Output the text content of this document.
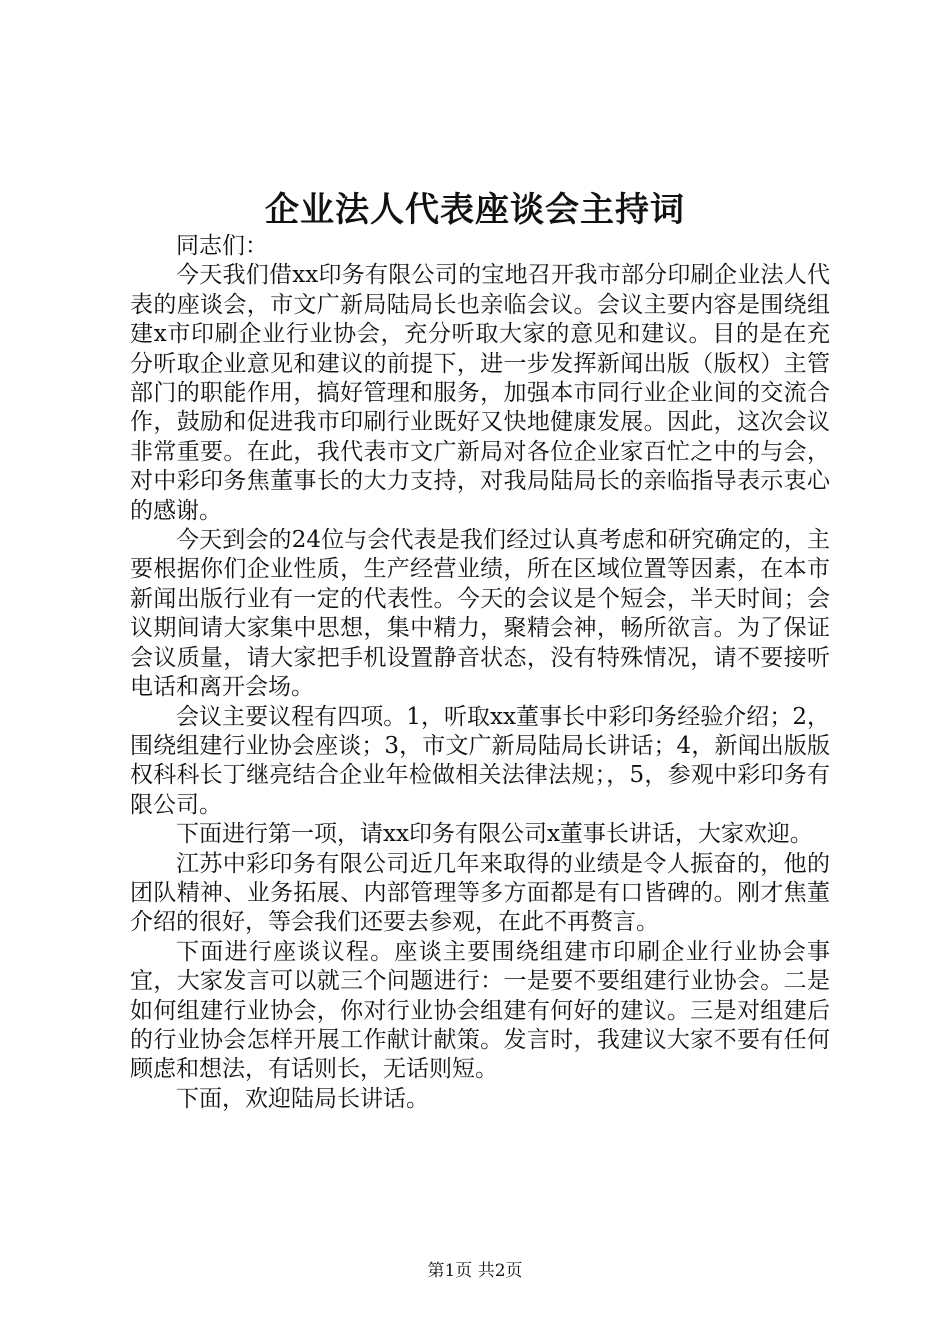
企业法人代表座谈会主持词

同志们：

今天我们借xx印务有限公司的宝地召开我市部分印刷企业法人代表的座谈会，市文广新局陆局长也亲临会议。会议主要内容是围绕组建x市印刷企业行业协会，充分听取大家的意见和建议。目的是在充分听取企业意见和建议的前提下，进一步发挥新闻出版（版权）主管部门的职能作用，搞好管理和服务，加强本市同行业企业间的交流合作，鼓励和促进我市印刷行业既好又快地健康发展。因此，这次会议非常重要。在此，我代表市文广新局对各位企业家百忙之中的与会，对中彩印务焦董事长的大力支持，对我局陆局长的亲临指导表示衷心的感谢。

今天到会的24位与会代表是我们经过认真考虑和研究确定的，主要根据你们企业性质，生产经营业绩，所在区域位置等因素，在本市新闻出版行业有一定的代表性。今天的会议是个短会，半天时间；会议期间请大家集中思想，集中精力，聚精会神，畅所欲言。为了保证会议质量，请大家把手机设置静音状态，没有特殊情况，请不要接听电话和离开会场。

会议主要议程有四项。1，听取xx董事长中彩印务经验介绍；2，围绕组建行业协会座谈；3，市文广新局陆局长讲话；4，新闻出版版权科科长丁继亮结合企业年检做相关法律法规；，5，参观中彩印务有限公司。

下面进行第一项，请xx印务有限公司x董事长讲话，大家欢迎。

江苏中彩印务有限公司近几年来取得的业绩是令人振奋的，他的团队精神、业务拓展、内部管理等多方面都是有口皆碑的。刚才焦董介绍的很好，等会我们还要去参观，在此不再赘言。

下面进行座谈议程。座谈主要围绕组建市印刷企业行业协会事宜，大家发言可以就三个问题进行：一是要不要组建行业协会。二是如何组建行业协会，你对行业协会组建有何好的建议。三是对组建后的行业协会怎样开展工作献计献策。发言时，我建议大家不要有任何顾虑和想法，有话则长，无话则短。

下面，欢迎陆局长讲话。

第1页 共2页
